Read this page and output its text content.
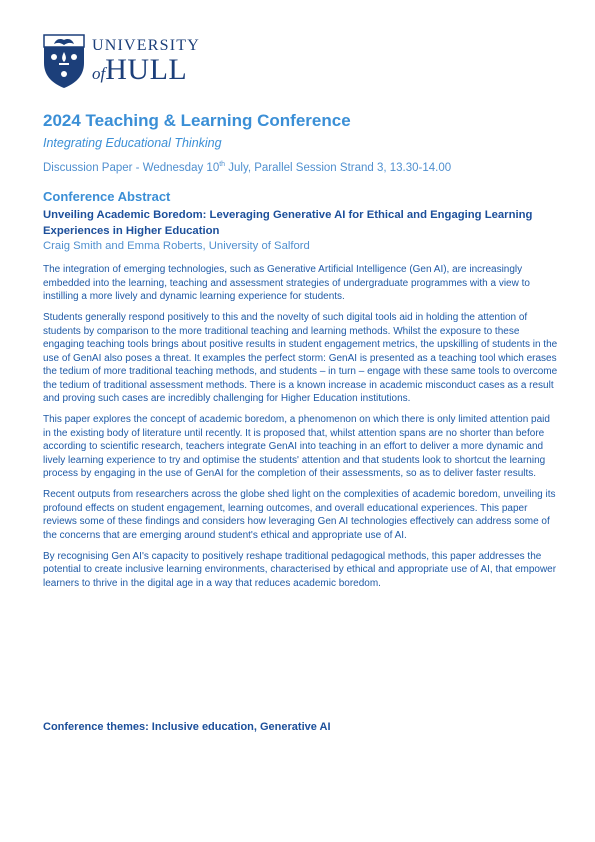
UNIVERSITY
ofHULL
2024 Teaching & Learning Conference
Integrating Educational Thinking
Discussion Paper - Wednesday 10th July, Parallel Session Strand 3, 13.30-14.00
Conference Abstract
Unveiling Academic Boredom: Leveraging Generative AI for Ethical and Engaging Learning Experiences in Higher Education
Craig Smith and Emma Roberts, University of Salford

The integration of emerging technologies, such as Generative Artificial Intelligence (Gen AI), are increasingly embedded into the learning, teaching and assessment strategies of undergraduate programmes with a view to instilling a more lively and dynamic learning experience for students.

Students generally respond positively to this and the novelty of such digital tools aid in holding the attention of students by comparison to the more traditional teaching and learning methods. Whilst the exposure to these engaging teaching tools brings about positive results in student engagement metrics, the upskilling of students in the use of GenAI also poses a threat. It examples the perfect storm: GenAI is presented as a teaching tool which erases the tedium of more traditional teaching methods, and students – in turn – engage with these same tools to overcome the tedium of traditional assessment methods. There is a known increase in academic misconduct cases as a result and proving such cases are incredibly challenging for Higher Education institutions.

This paper explores the concept of academic boredom, a phenomenon on which there is only limited attention paid in the existing body of literature until recently. It is proposed that, whilst attention spans are no shorter than before according to scientific research, teachers integrate GenAI into teaching in an effort to deliver a more dynamic and lively learning experience to try and optimise the students' attention and that students look to shortcut the learning process by engaging in the use of GenAI for the completion of their assessments, so as to deliver faster results.

Recent outputs from researchers across the globe shed light on the complexities of academic boredom, unveiling its profound effects on student engagement, learning outcomes, and overall educational experiences. This paper reviews some of these findings and considers how leveraging Gen AI technologies effectively can address some of the concerns that are emerging around student's ethical and appropriate use of AI.

By recognising Gen AI's capacity to positively reshape traditional pedagogical methods, this paper addresses the potential to create inclusive learning environments, characterised by ethical and appropriate use of AI, that empower learners to thrive in the digital age in a way that reduces academic boredom.

Conference themes: Inclusive education, Generative AI
